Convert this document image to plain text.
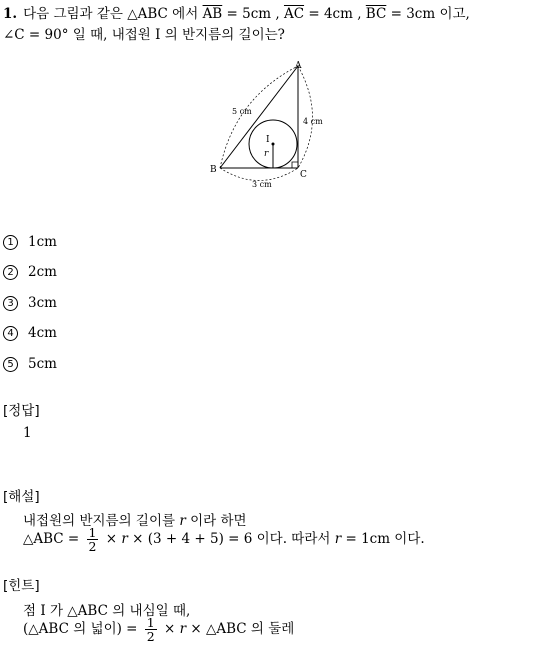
1. 다음 그림과 같은 △ABC 에서 $\overline{AB} = 5cm$ , $\overline{AC} = 4cm$ , $\overline{BC} = 3cm$ 이고,
∠C = 90° 일 때, 내접원 I 의 반지름의 길이는?
A
B	C
I
r
5 cm
4 cm
3 cm
1 1cm
2 2cm
3 3cm
4 4cm
5 5cm
[정답]
1
[해설]
내접원의 반지름의 길이를 r 이라 하면
△ABC = $\frac{1}{2} \times r \times (3 + 4 + 5) = 6$ 이다. 따라서 r = 1cm 이다.
[힌트]
점 I 가 △ABC 의 내심일 때,
(△ABC 의 넓이) = $\frac{1}{2} \times r$ × △ABC 의 둘레
